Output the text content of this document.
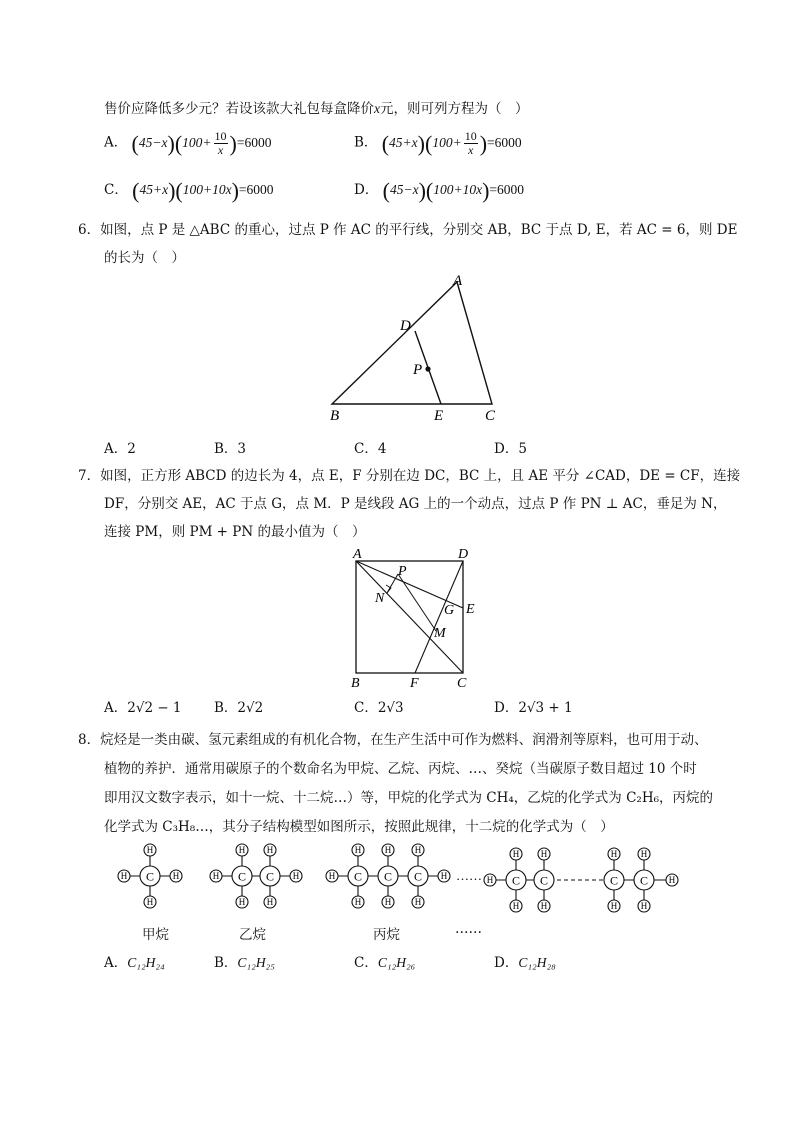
售价应降低多少元？若设该款大礼包每盒降价x元，则可列方程为（　）
A． $(45-x)(100+ \frac{10}{x} )=6000$	B． $(45+x)(100+ \frac{10}{x} )=6000$
C． (45+x)(100+10x)=6000	D． (45−x)(100+10x)=6000
6．如图，点 P 是 △ABC 的重心，过点 P 作 AC 的平行线，分别交 AB，BC 于点 D, E，若 AC = 6，则 DE
的长为（　）
A
B	C
D
E
P
A．2	B．3	C．4	D．5
7．如图，正方形 ABCD 的边长为 4，点 E，F 分别在边 DC，BC 上，且 AE 平分 ∠CAD，DE = CF，连接
DF，分别交 AE，AC 于点 G，点 M．P 是线段 AG 上的一个动点，过点 P 作 PN ⊥ AC，垂足为 N，
连接 PM，则 PM + PN 的最小值为（　）
A	D
B	C
F
E
G
M
N
P
A．2√2 − 1 B．2√2	C．2√3	D．2√3 + 1
8．烷烃是一类由碳、氢元素组成的有机化合物，在生产生活中可作为燃料、润滑剂等原料，也可用于动、
植物的养护．通常用碳原子的个数命名为甲烷、乙烷、丙烷、…、癸烷（当碳原子数目超过 10 个时
即用汉文数字表示，如十一烷、十二烷…）等，甲烷的化学式为 CH₄，乙烷的化学式为 C₂H₆，丙烷的
化学式为 C₃H₈…，其分子结构模型如图所示，按照此规律，十二烷的化学式为（　）
H	H
H
H
C	H	H
H
H
H
H
C C	H	H
H
H
H
H
H
H
C C C	……
H
H
H
H
H
H
H
H
H	H
C C	C C
甲烷	乙烷	丙烷	……
A．C₁₂H₂₄	B．C₁₂H₂₅	C．C₁₂H₂₆	D．C₁₂H₂₈
